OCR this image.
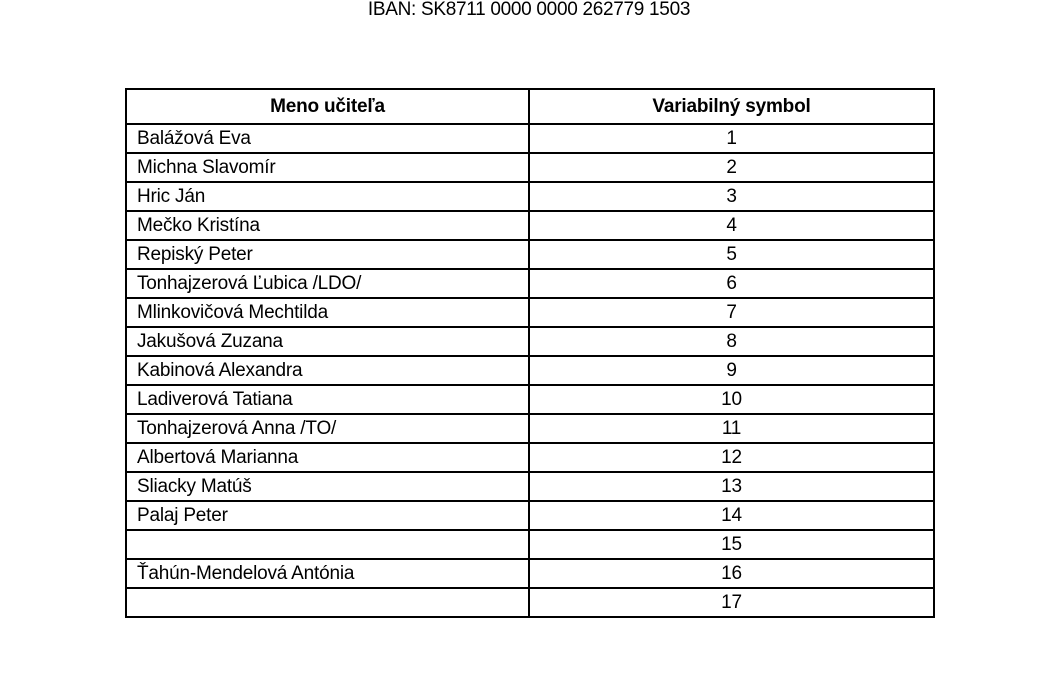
IBAN: SK8711 0000 0000 262779 1503
Meno učiteľa	Variabilný symbol
Balážová Eva	1
Michna Slavomír	2
Hric Ján	3
Mečko Kristína	4
Repiský Peter	5
Tonhajzerová Ľubica /LDO/	6
Mlinkovičová Mechtilda	7
Jakušová Zuzana	8
Kabinová Alexandra	9
Ladiverová Tatiana	10
Tonhajzerová Anna /TO/	11
Albertová Marianna	12
Sliacky Matúš	13
Palaj Peter	14
	15
Ťahún-Mendelová Antónia	16
	17
